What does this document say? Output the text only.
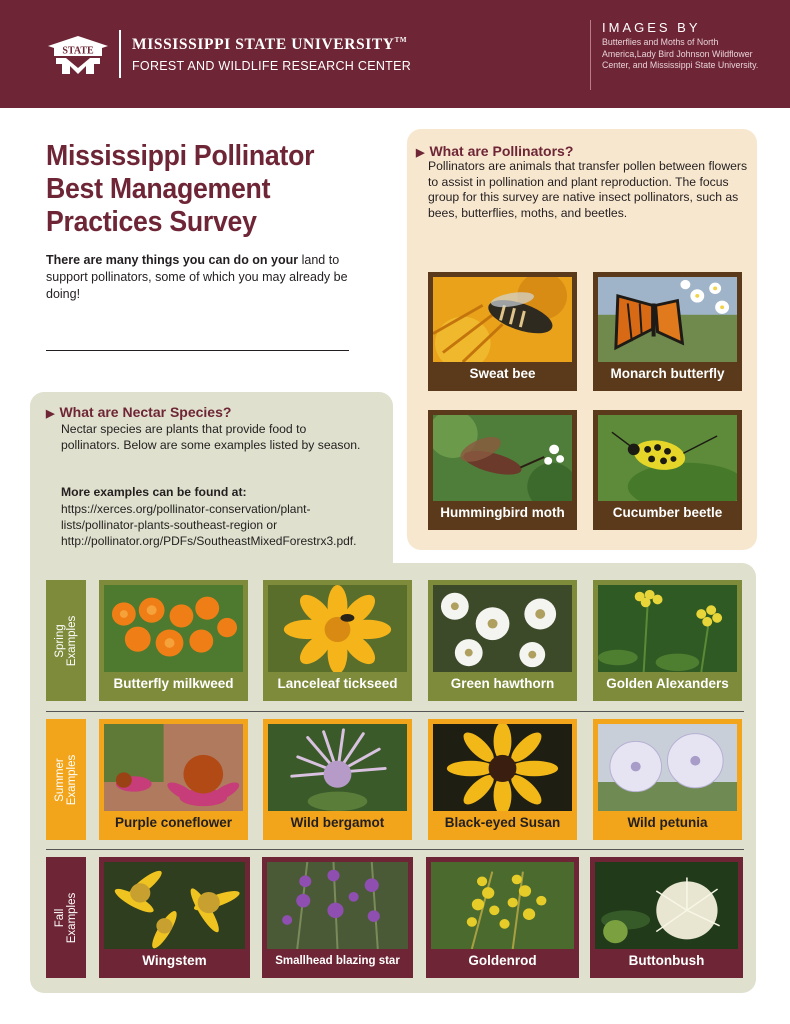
STATE MISSISSIPPI STATE UNIVERSITY™
FOREST AND WILDLIFE RESEARCH CENTER
IMAGES BY
Butterflies and Moths of North America,Lady Bird Johnson Wildflower Center, and Mississippi State University.
Mississippi Pollinator Best Management Practices Survey
There are many things you can do on your land to support pollinators, some of which you may already be doing!
▶ What are Pollinators?
Pollinators are animals that transfer pollen between flowers to assist in pollination and plant reproduction. The focus group for this survey are native insect pollinators, such as bees, butterflies, moths, and beetles.
Sweat bee	Monarch butterfly
Hummingbird moth	Cucumber beetle
▶ What are Nectar Species?
Nectar species are plants that provide food to pollinators. Below are some examples listed by season.
More examples can be found at:
https://xerces.org/pollinator-conservation/plant-lists/pollinator-plants-southeast-region or http://pollinator.org/PDFs/SoutheastMixedForestrx3.pdf.
Spring Examples
Butterfly milkweed	Lanceleaf tickseed	Green hawthorn	Golden Alexanders
Summer Examples
Purple coneflower	Wild bergamot	Black-eyed Susan	Wild petunia
Fall Examples
Wingstem	Smallhead blazing star	Goldenrod	Buttonbush
